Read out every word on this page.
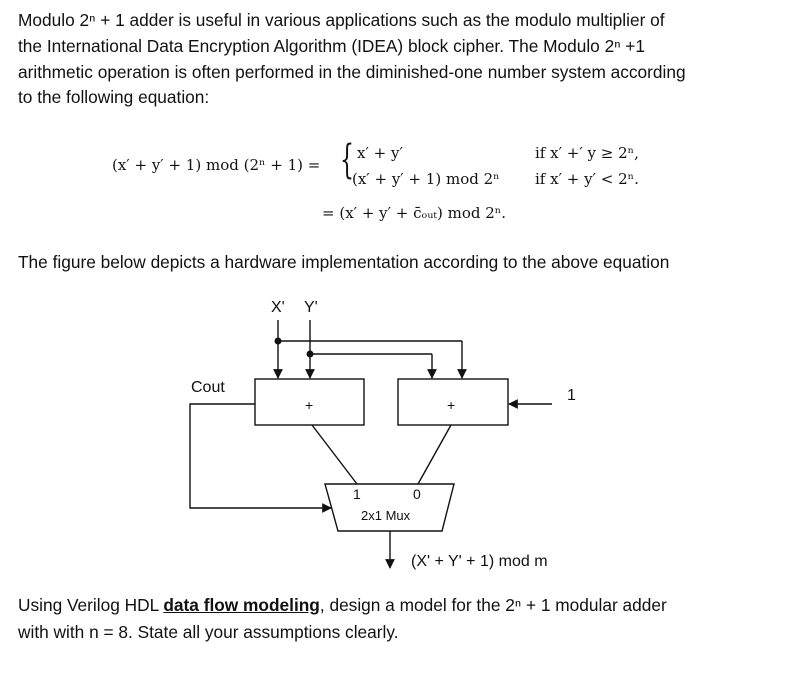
Modulo 2ⁿ + 1 adder is useful in various applications such as the modulo multiplier of
the International Data Encryption Algorithm (IDEA) block cipher. The Modulo 2ⁿ +1
arithmetic operation is often performed in the diminished-one number system according
to the following equation:
(x′ + y′ + 1) mod (2ⁿ + 1) = { x′ + y′	if x′ +′ y ≥ 2ⁿ,
(x′ + y′ + 1) mod 2ⁿ if x′ + y′ < 2ⁿ.
= (x′ + y′ + c̄ₒᵤₜ) mod 2ⁿ.
The figure below depicts a hardware implementation according to the above equation
X' Y'
+	+
1
Cout
1	0
2x1 Mux
(X' + Y' + 1) mod m
Using Verilog HDL data flow modeling, design a model for the 2ⁿ + 1 modular adder
with with n = 8. State all your assumptions clearly.
